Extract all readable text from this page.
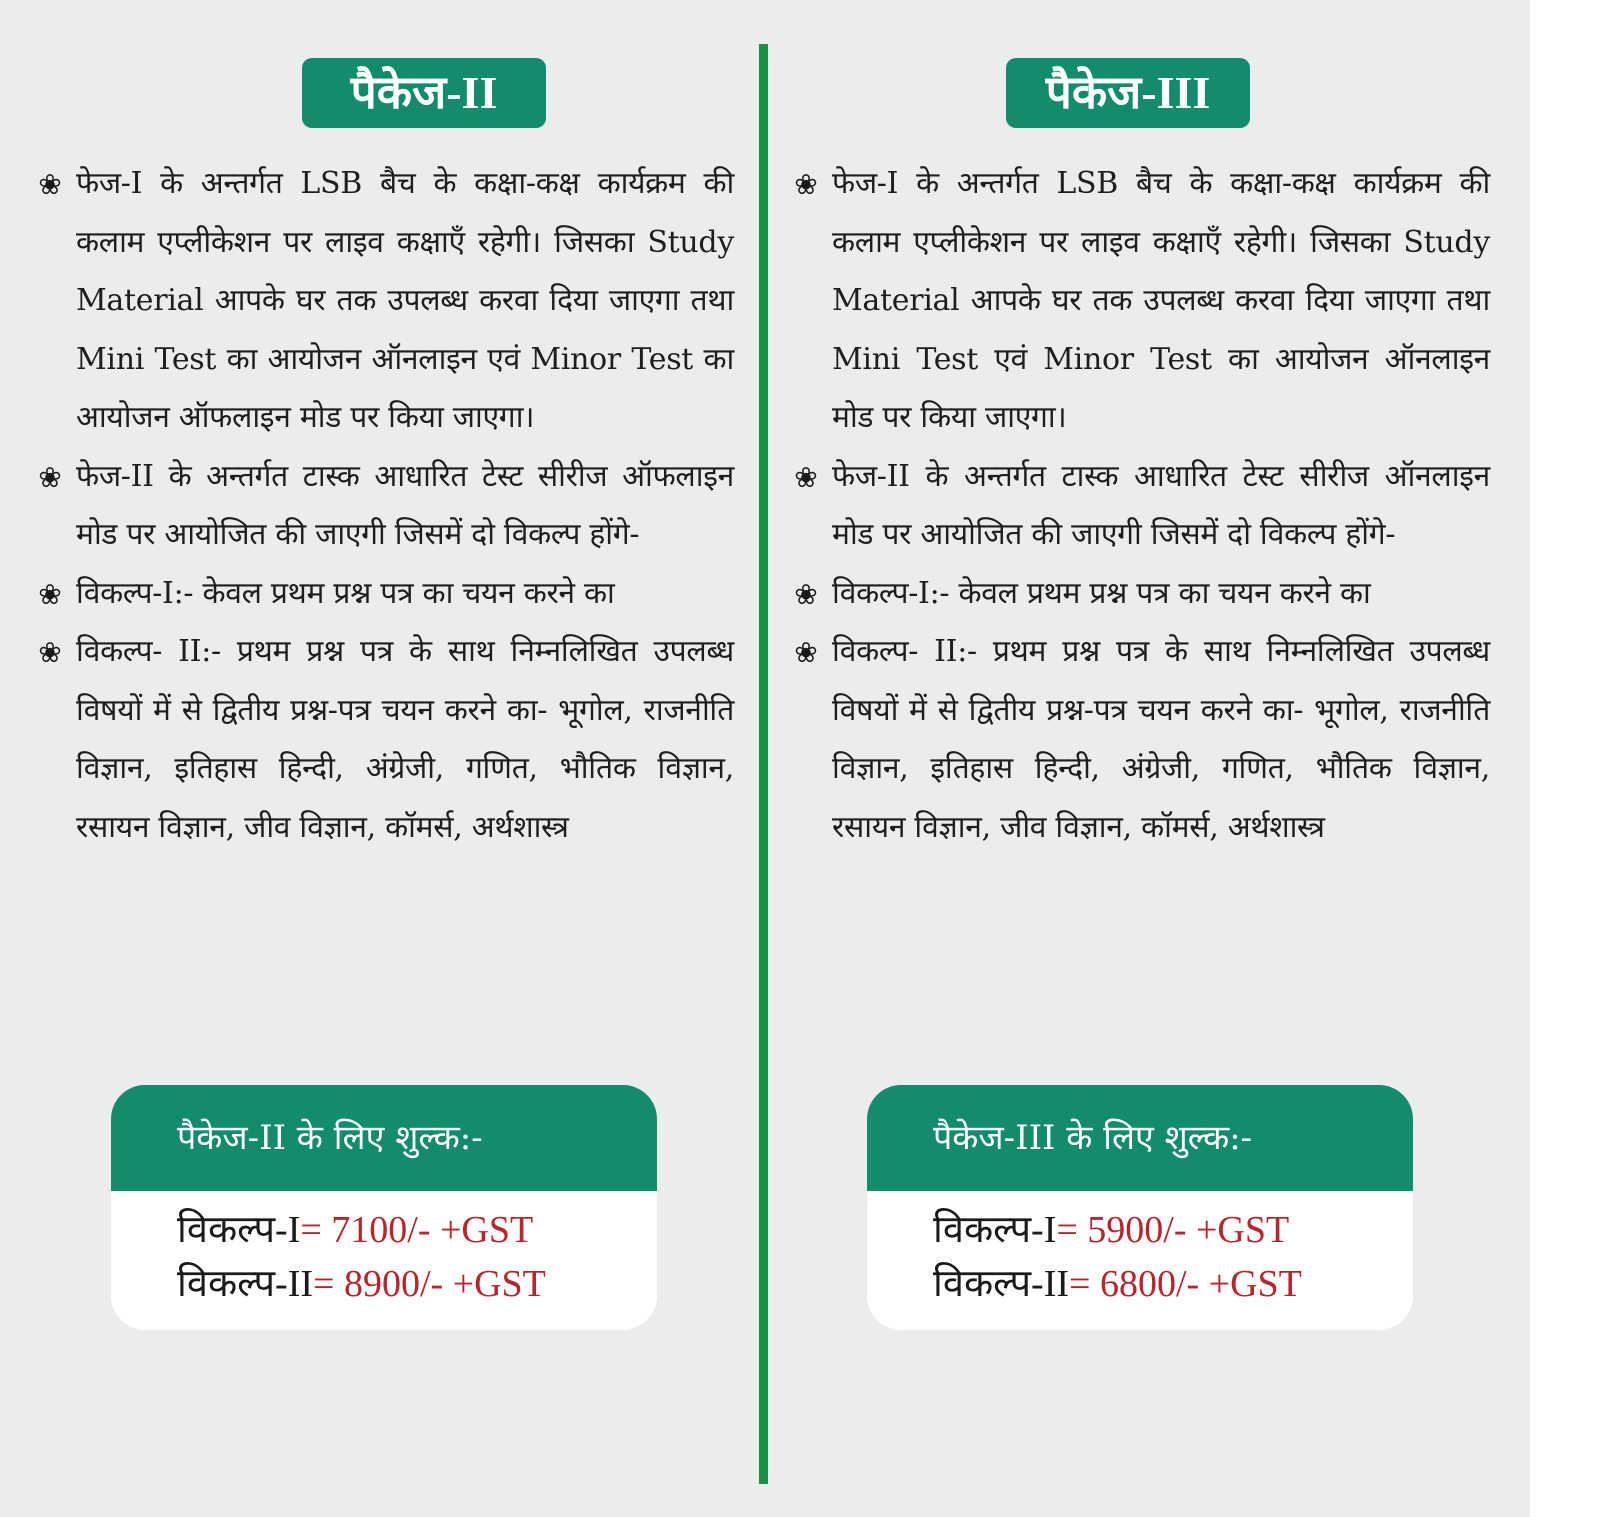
पैकेज-II
❀ फेज-I के अन्तर्गत LSB बैच के कक्षा-कक्ष कार्यक्रम की कलाम एप्लीकेशन पर लाइव कक्षाएँ रहेगी। जिसका Study Material आपके घर तक उपलब्ध करवा दिया जाएगा तथा Mini Test का आयोजन ऑनलाइन एवं Minor Test का आयोजन ऑफलाइन मोड पर किया जाएगा।
❀ फेज-II के अन्तर्गत टास्क आधारित टेस्ट सीरीज ऑफलाइन मोड पर आयोजित की जाएगी जिसमें दो विकल्प होंगे-
❀ विकल्प-I:- केवल प्रथम प्रश्न पत्र का चयन करने का
❀ विकल्प- II:- प्रथम प्रश्न पत्र के साथ निम्नलिखित उपलब्ध विषयों में से द्वितीय प्रश्न-पत्र चयन करने का- भूगोल, राजनीति विज्ञान, इतिहास हिन्दी, अंग्रेजी, गणित, भौतिक विज्ञान, रसायन विज्ञान, जीव विज्ञान, कॉमर्स, अर्थशास्त्र
पैकेज-II के लिए शुल्क:-
विकल्प-I= 7100/- +GST
विकल्प-II= 8900/- +GST
पैकेज-III
❀ फेज-I के अन्तर्गत LSB बैच के कक्षा-कक्ष कार्यक्रम की कलाम एप्लीकेशन पर लाइव कक्षाएँ रहेगी। जिसका Study Material आपके घर तक उपलब्ध करवा दिया जाएगा तथा Mini Test एवं Minor Test का आयोजन ऑनलाइन मोड पर किया जाएगा।
❀ फेज-II के अन्तर्गत टास्क आधारित टेस्ट सीरीज ऑनलाइन मोड पर आयोजित की जाएगी जिसमें दो विकल्प होंगे-
❀ विकल्प-I:- केवल प्रथम प्रश्न पत्र का चयन करने का
❀ विकल्प- II:- प्रथम प्रश्न पत्र के साथ निम्नलिखित उपलब्ध विषयों में से द्वितीय प्रश्न-पत्र चयन करने का- भूगोल, राजनीति विज्ञान, इतिहास हिन्दी, अंग्रेजी, गणित, भौतिक विज्ञान, रसायन विज्ञान, जीव विज्ञान, कॉमर्स, अर्थशास्त्र
पैकेज-III के लिए शुल्क:-
विकल्प-I= 5900/- +GST
विकल्प-II= 6800/- +GST
